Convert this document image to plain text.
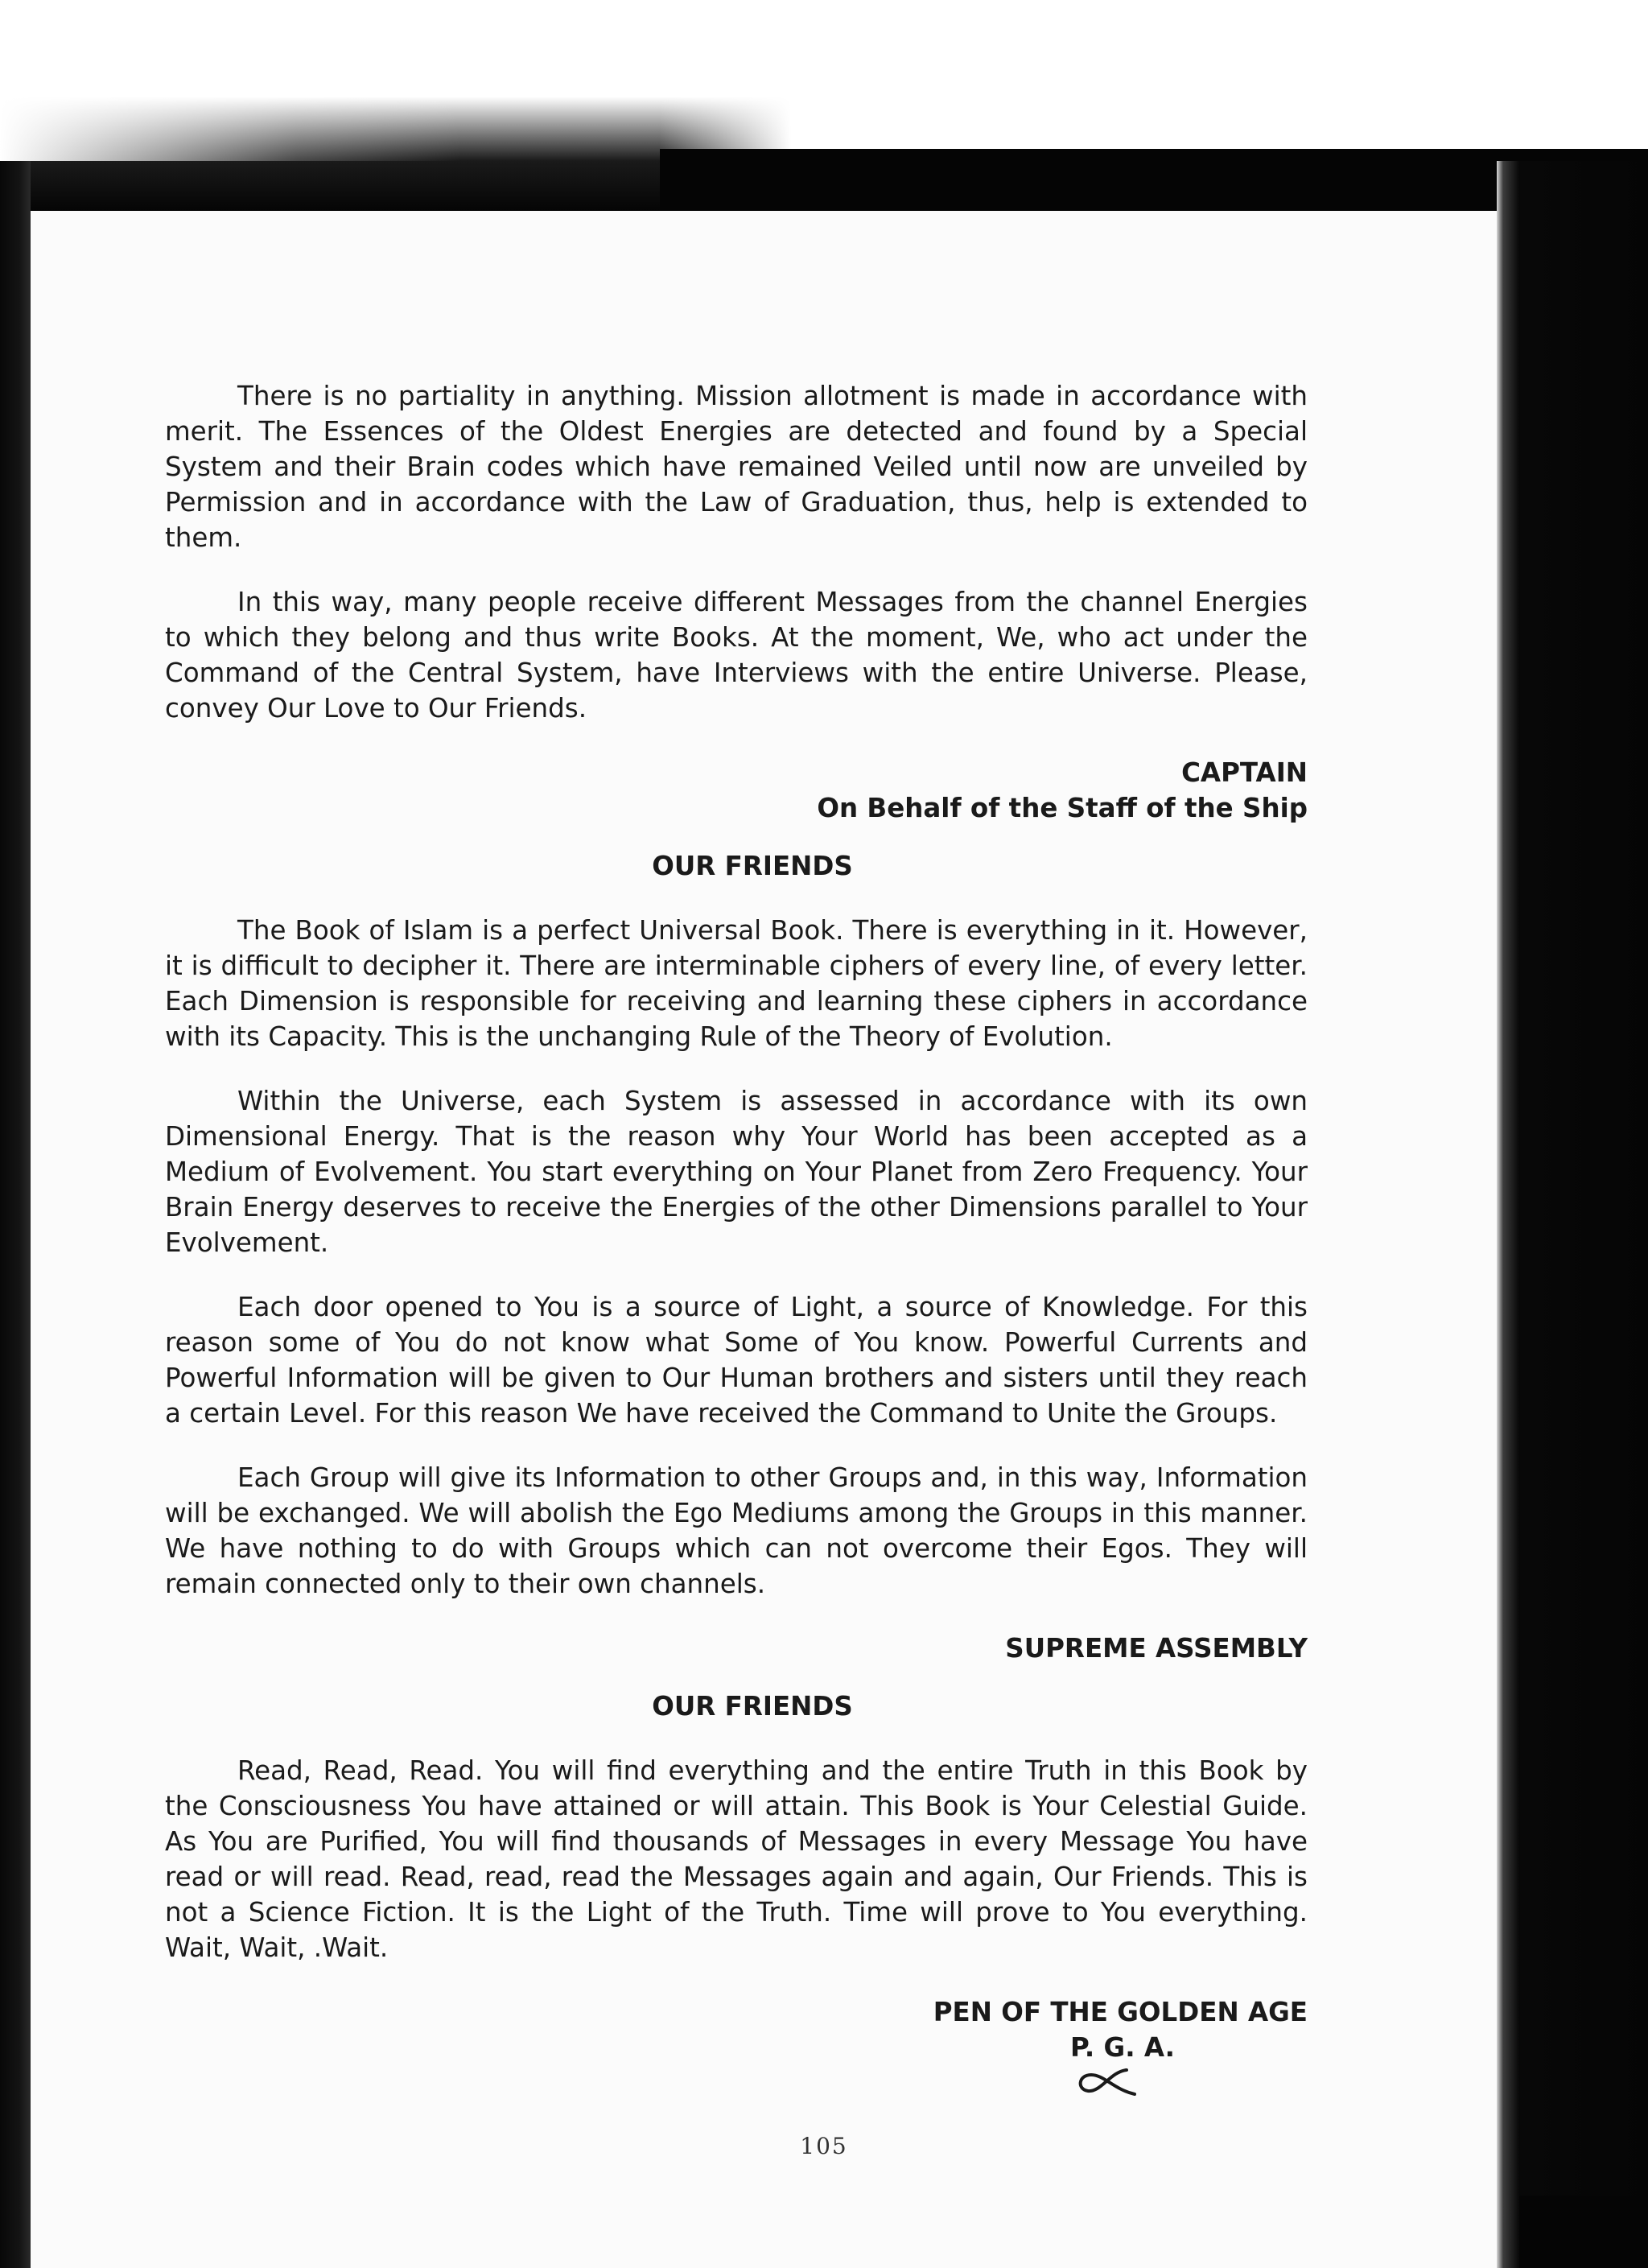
There is no partiality in anything. Mission allotment is made in accordance with merit. The Essences of the Oldest Energies are detected and found by a Special System and their Brain codes which have remained Veiled until now are unveiled by Permission and in accordance with the Law of Graduation, thus, help is extended to them.

In this way, many people receive different Messages from the channel Energies to which they belong and thus write Books. At the moment, We, who act under the Command of the Central System, have Interviews with the entire Universe. Please, convey Our Love to Our Friends.

CAPTAIN

On Behalf of the Staff of the Ship

OUR FRIENDS

The Book of Islam is a perfect Universal Book. There is everything in it. However, it is difficult to decipher it. There are interminable ciphers of every line, of every letter. Each Dimension is responsible for receiving and learning these ciphers in accordance with its Capacity. This is the unchanging Rule of the Theory of Evolution.

Within the Universe, each System is assessed in accordance with its own Dimensional Energy. That is the reason why Your World has been accepted as a Medium of Evolvement. You start everything on Your Planet from Zero Frequency. Your Brain Energy deserves to receive the Energies of the other Dimensions parallel to Your Evolvement.

Each door opened to You is a source of Light, a source of Knowledge. For this reason some of You do not know what Some of You know. Powerful Currents and Powerful Information will be given to Our Human brothers and sisters until they reach a certain Level. For this reason We have received the Command to Unite the Groups.

Each Group will give its Information to other Groups and, in this way, Information will be exchanged. We will abolish the Ego Mediums among the Groups in this manner. We have nothing to do with Groups which can not overcome their Egos. They will remain connected only to their own channels.

SUPREME ASSEMBLY

OUR FRIENDS

Read, Read, Read. You will find everything and the entire Truth in this Book by the Consciousness You have attained or will attain. This Book is Your Celestial Guide. As You are Purified, You will find thousands of Messages in every Message You have read or will read. Read, read, read the Messages again and again, Our Friends. This is not a Science Fiction. It is the Light of the Truth. Time will prove to You everything. Wait, Wait, .Wait.

PEN OF THE GOLDEN AGE
P. G. A.
105
